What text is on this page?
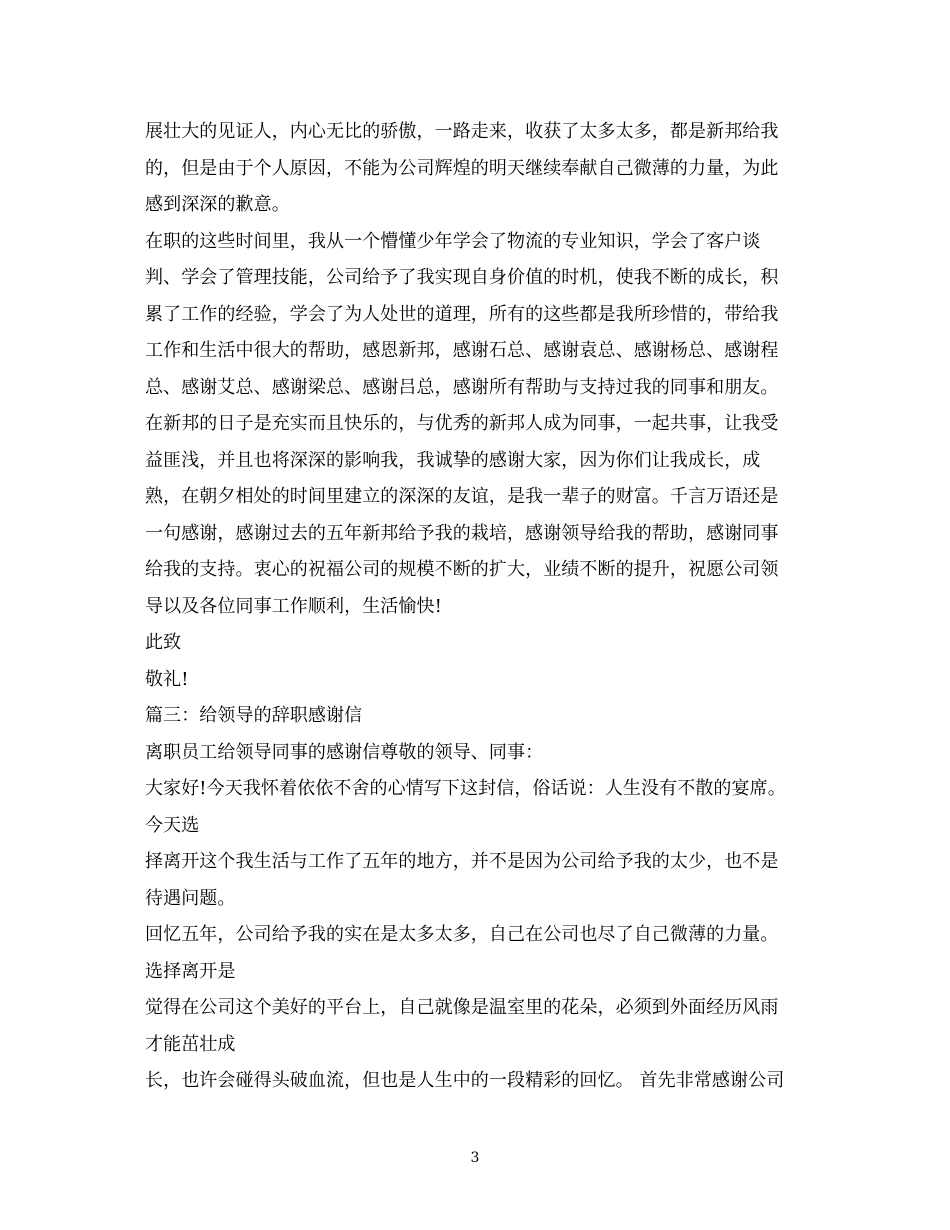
展壮大的见证人，内心无比的骄傲，一路走来，收获了太多太多，都是新邦给我
的，但是由于个人原因，不能为公司辉煌的明天继续奉献自己微薄的力量，为此
感到深深的歉意。
在职的这些时间里，我从一个懵懂少年学会了物流的专业知识，学会了客户谈
判、学会了管理技能，公司给予了我实现自身价值的时机，使我不断的成长，积
累了工作的经验，学会了为人处世的道理，所有的这些都是我所珍惜的，带给我
工作和生活中很大的帮助，感恩新邦，感谢石总、感谢袁总、感谢杨总、感谢程
总、感谢艾总、感谢梁总、感谢吕总，感谢所有帮助与支持过我的同事和朋友。
在新邦的日子是充实而且快乐的，与优秀的新邦人成为同事，一起共事，让我受
益匪浅，并且也将深深的影响我，我诚挚的感谢大家，因为你们让我成长，成
熟，在朝夕相处的时间里建立的深深的友谊，是我一辈子的财富。千言万语还是
一句感谢，感谢过去的五年新邦给予我的栽培，感谢领导给我的帮助，感谢同事
给我的支持。衷心的祝福公司的规模不断的扩大，业绩不断的提升，祝愿公司领
导以及各位同事工作顺利，生活愉快!
此致
敬礼!
篇三：给领导的辞职感谢信
离职员工给领导同事的感谢信尊敬的领导、同事：
大家好!今天我怀着依依不舍的心情写下这封信，俗话说：人生没有不散的宴席。
今天选
择离开这个我生活与工作了五年的地方，并不是因为公司给予我的太少，也不是
待遇问题。
回忆五年，公司给予我的实在是太多太多，自己在公司也尽了自己微薄的力量。
选择离开是
觉得在公司这个美好的平台上，自己就像是温室里的花朵，必须到外面经历风雨
才能茁壮成
长，也许会碰得头破血流，但也是人生中的一段精彩的回忆。 首先非常感谢公司
3
